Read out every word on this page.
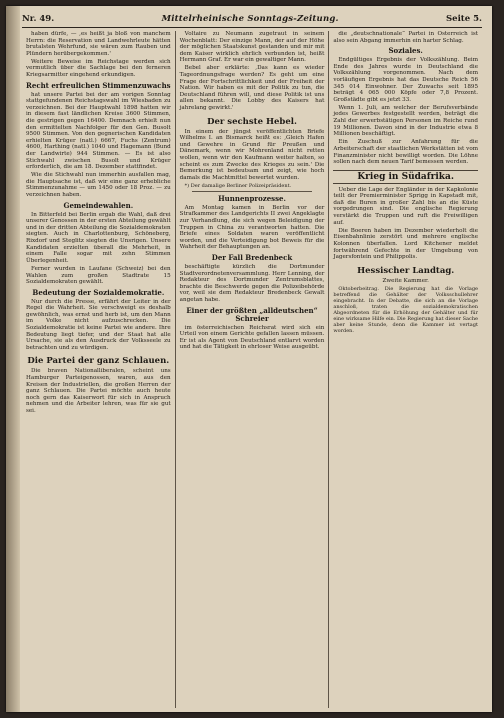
Nr. 49.	Mittelrheinische Sonntags-Zeitung.	Seite 5.

haben dürfe, — ,es heißt ja bloß von manchem Herrn: die Reservation und Landwehrleute hätten brutalsten Wehrfund, sie wären zum Rauben und Plündern herübergekommen.'

Weitere Beweise im Reichstage werden sich vermutlich über die Sachlage bei den ferneren Kriegsarmitter eingehend erkundigen.

Recht erfreulichen Stimmenzuwachs

hat unsere Partei bei der am vorigen Sonntag stattgefundenen Reichstagswahl im Wiesbaden zu verzeichnen. Bei der Hauptwahl 1898 hatten wir in diesem fast ländlichen Kreise 3600 Stimmen, die gestrigen gegen 16400. Demnach erhielt nun den ermittelten Nachfolger für den Gen. Busolt 9500 Stimmen. Von den gegnerischen Kandidaten erhielten Krüger (natl.) 6667, Fuchs (Zentrum) 4600, Harthing (natl.) 1040 und Hagemann (Bund der Landwirte) 944 Stimmen. — Es ist also Stichwahl zwischen Busolt und Krüger erforderlich, die am 18. Dezember stattfindet.

Wie die Stichwahl nun immerhin ausfallen mag, die Hauptsache ist, daß wir eine ganz erhebliche Stimmenzunahme — um 1450 oder 18 Proz. — zu verzeichnen haben.

Gemeindewahlen.

In Bitterfeld bei Berlin ergab die Wahl, daß drei unserer Genossen in der ersten Abteilung gewählt und in der dritten Abteilung die Sozialdemokraten siegten. Auch in Charlottenburg, Schöneberg, Rixdorf und Steglitz siegten die Unsrigen. Unsere Kandidaten erzielten überall die Mehrheit, in einem Falle sogar mit zehn Stimmen Überlegenheit.

Ferner wurden in Laufane (Schweiz) bei den Wahlen zum großen Stadtrate 15 Sozialdemokraten gewählt.

Bedeutung der Sozialdemokratie.

Nur durch die Presse, erfährt der Leiter in der Regel die Wahrheit. Sie verschweigt es deshalb gewöhnlich, was ernst und herb ist, um den Mann im Volke nicht aufzuschrecken. Die Sozialdemokratie ist keine Partei wie andere. Ihre Bedeutung liegt tiefer, und der Staat hat alle Ursache, sie als den Ausdruck der Volksseele zu betrachten und zu würdigen.

Die Partei der ganz Schlauen.

Die braven Nationalliberalen, scheint uns Hamburger Parteigenossen, waren, aus den Kreisen der Industriellen, die großen Herren der ganz Schlauen. Die Partei möchte auch heute noch gern das Kaiserwort für sich in Anspruch nehmen und die Arbeiter lehren, was für sie gut sei.

Voltaire zu Neumann zugetraut in seinem Wochenblatt: Der einzige Mann, der auf der Höhe der möglichen Staatskunst gestanden und mir mit dem Kaiser wirklich ehrlich verbunden ist, heißt Hermann Graf. Er war ein gewaltiger Mann.

Bebel aber erklärte: ,Das kann es wieder Tageordnungsfrage werden? Es geht um eine Frage der Fortschrittlichkeit und der Freiheit der Nation. Wir haben es mit der Politik zu tun, die Deutschland führen will, und diese Politik ist uns allen bekannt. Die Lobby des Kaisers hat jahrelang gewirkt.'

Der sechste Hebel.

In einem der jüngst veröffentlichten Briefe Wilhelms I. an Bismarck heißt es: ,Gleich Hafen und Gewehre in Grund für Preußen und Dänemark, wenn wir Mohrenland nicht retten wollen, wenn wir den Kaufmann weiter halten, so scheint es zum Zwecke des Krieges zu sein.' Die Bemerkung ist bedeutsam und zeigt, wie hoch damals die Machtmittel bewertet wurden.

*) Der damalige Berliner Polizeipräsident.

Hunnenprozesse.

Am Montag kamen in Berlin vor der Strafkammer des Landgerichts II zwei Angeklagte zur Verhandlung, die sich wegen Beleidigung der Truppen in China zu verantworten hatten. Die Briefe eines Soldaten waren veröffentlicht worden, und die Verteidigung bot Beweis für die Wahrheit der Behauptungen an.

Der Fall Bredenbeck

beschäftigte kürzlich die Dortmunder Stadtverordnetenversammlung. Herr Lenning, der Redakteur des Dortmunder Zentrumsblattes, brachte die Beschwerde gegen die Polizeibehörde vor, weil sie dem Redakteur Bredenbeck Gewalt angetan habe.

Einer der größten „alldeutschen“ Schreier

im österreichischen Reichsrat wird sich ein Urteil von einem Gerichte gefallen lassen müssen. Er ist als Agent von Deutschland entlarvt worden und hat die Tätigkeit in ehrloser Weise ausgeübt.

die „deutschnationale“ Partei in Österreich ist also sein Abgang immerhin ein harter Schlag.

Soziales.

Endgültiges Ergebnis der Volkszählung. Beim Ende des Jahres wurde in Deutschland die Volkszählung vorgenommen. Nach dem vorläufigen Ergebnis hat das Deutsche Reich 56 345 014 Einwohner. Der Zuwachs seit 1895 beträgt 4 065 000 Köpfe oder 7,8 Prozent. Großstädte gibt es jetzt 33.

Wenn 1. Juli, am welcher der Berufsverbände jedes Gewerbes festgestellt werden, beträgt die Zahl der erwerbstätigen Personen im Reiche rund 19 Millionen. Davon sind in der Industrie etwa 8 Millionen beschäftigt.

Ein Zuschuß zur Anfahrung für die Arbeiterschaft der staatlichen Werkstätten ist vom Finanzminister nicht bewilligt worden. Die Löhne sollen nach dem neuen Tarif bemessen werden.

Krieg in Südafrika.

Ueber die Lage der Engländer in der Kapkolonie teilt der Premierminister Sprigg in Kapstadt mit, daß die Buren in großer Zahl bis an die Küste vorgedrungen sind. Die englische Regierung verstärkt die Truppen und ruft die Freiwilligen auf.

Die Boeren haben im Dezember wiederholt die Eisenbahnlinie zerstört und mehrere englische Kolonnen überfallen. Lord Kitchener meldet fortwährend Gefechte in der Umgebung von Jagersfontein und Philippolis.

Hessischer Landtag.
Zweite Kammer.

Oktoberbeitrag. Die Regierung hat die Vorlage betreffend die Gehälter der Volksschullehrer eingebracht. In der Debatte, die sich an die Vorlage anschloß, traten die sozialdemokratischen Abgeordneten für die Erhöhung der Gehälter und für eine wirksame Hilfe ein. Die Regierung hat dieser Sache aber keine Stunde, denn die Kammer ist vertagt worden.
